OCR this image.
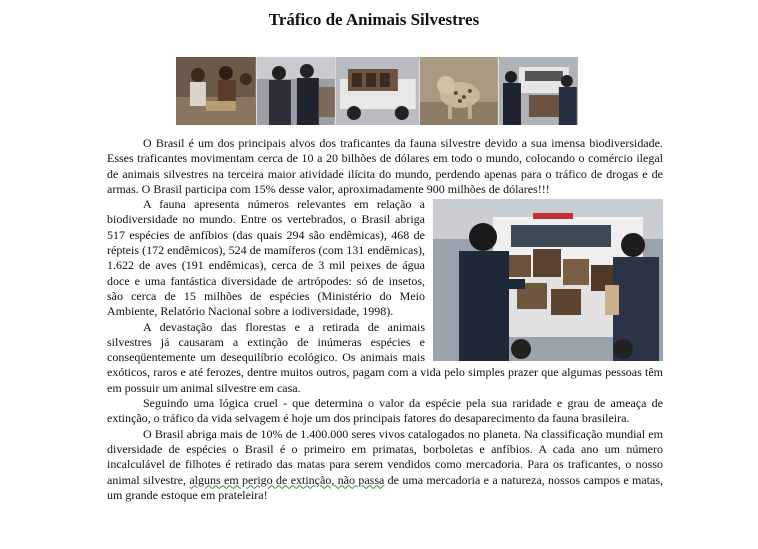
Tráfico de Animais Silvestres

O Brasil é um dos principais alvos dos traficantes da fauna silvestre devido a sua imensa biodiversidade. Esses traficantes movimentam cerca de 10 a 20 bilhões de dólares em todo o mundo, colocando o comércio ilegal de animais silvestres na terceira maior atividade ilícita do mundo, perdendo apenas para o tráfico de drogas e de armas. O Brasil participa com 15% desse valor, aproximadamente 900 milhões de dólares!!!

A fauna apresenta números relevantes em relação a biodiversidade no mundo. Entre os vertebrados, o Brasil abriga 517 espécies de anfíbios (das quais 294 são endêmicas), 468 de répteis (172 endêmicos), 524 de mamíferos (com 131 endêmicas), 1.622 de aves (191 endêmicas), cerca de 3 mil peixes de água doce e uma fantástica diversidade de artrópodes: só de insetos, são cerca de 15 milhões de espécies (Ministério do Meio Ambiente, Relatório Nacional sobre a iodiversidade, 1998).

A devastação das florestas e a retirada de animais silvestres já causaram a extinção de inúmeras espécies e conseqüentemente um desequilíbrio ecológico. Os animais mais exóticos, raros e até ferozes, dentre muitos outros, pagam com a vida pelo simples prazer que algumas pessoas têm em possuir um animal silvestre em casa.

Seguindo uma lógica cruel - que determina o valor da espécie pela sua raridade e grau de ameaça de extinção, o tráfico da vida selvagem é hoje um dos principais fatores do desaparecimento da fauna brasileira.

O Brasil abriga mais de 10% de 1.400.000 seres vivos catalogados no planeta. Na classificação mundial em diversidade de espécies o Brasil é o primeiro em primatas, borboletas e anfíbios. A cada ano um número incalculável de filhotes é retirado das matas para serem vendidos como mercadoria. Para os traficantes, o nosso animal silvestre, alguns em perigo de extinção, não passa de uma mercadoria e a natureza, nossos campos e matas, um grande estoque em prateleira!
